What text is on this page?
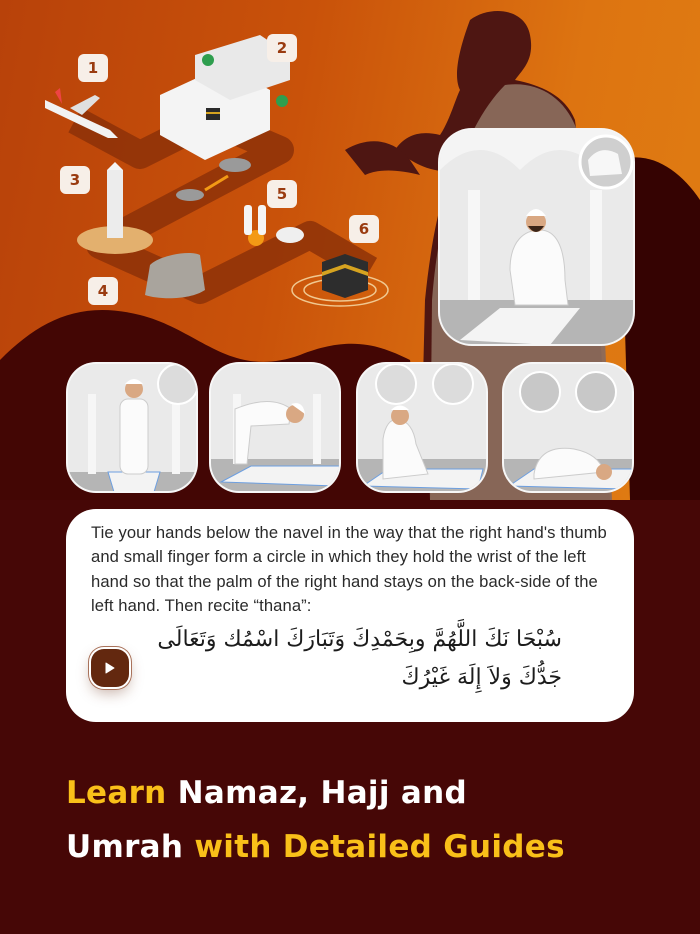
1
2
3
4
5
6

Tie your hands below the navel in the way that the right hand's thumb and small finger form a circle in which they hold the wrist of the left hand so that the palm of the right hand stays on the back-side of the left hand. Then recite “thana”:

سُبْحَا نَكَ اللَّهُمَّ وبِحَمْدِكَ وَتَبَارَكَ اسْمُك وَتَعَالَى
جَدُّكَ وَلاَ إِلَهَ غَيْرُكَ
Learn Namaz, Hajj and
Umrah with Detailed Guides
